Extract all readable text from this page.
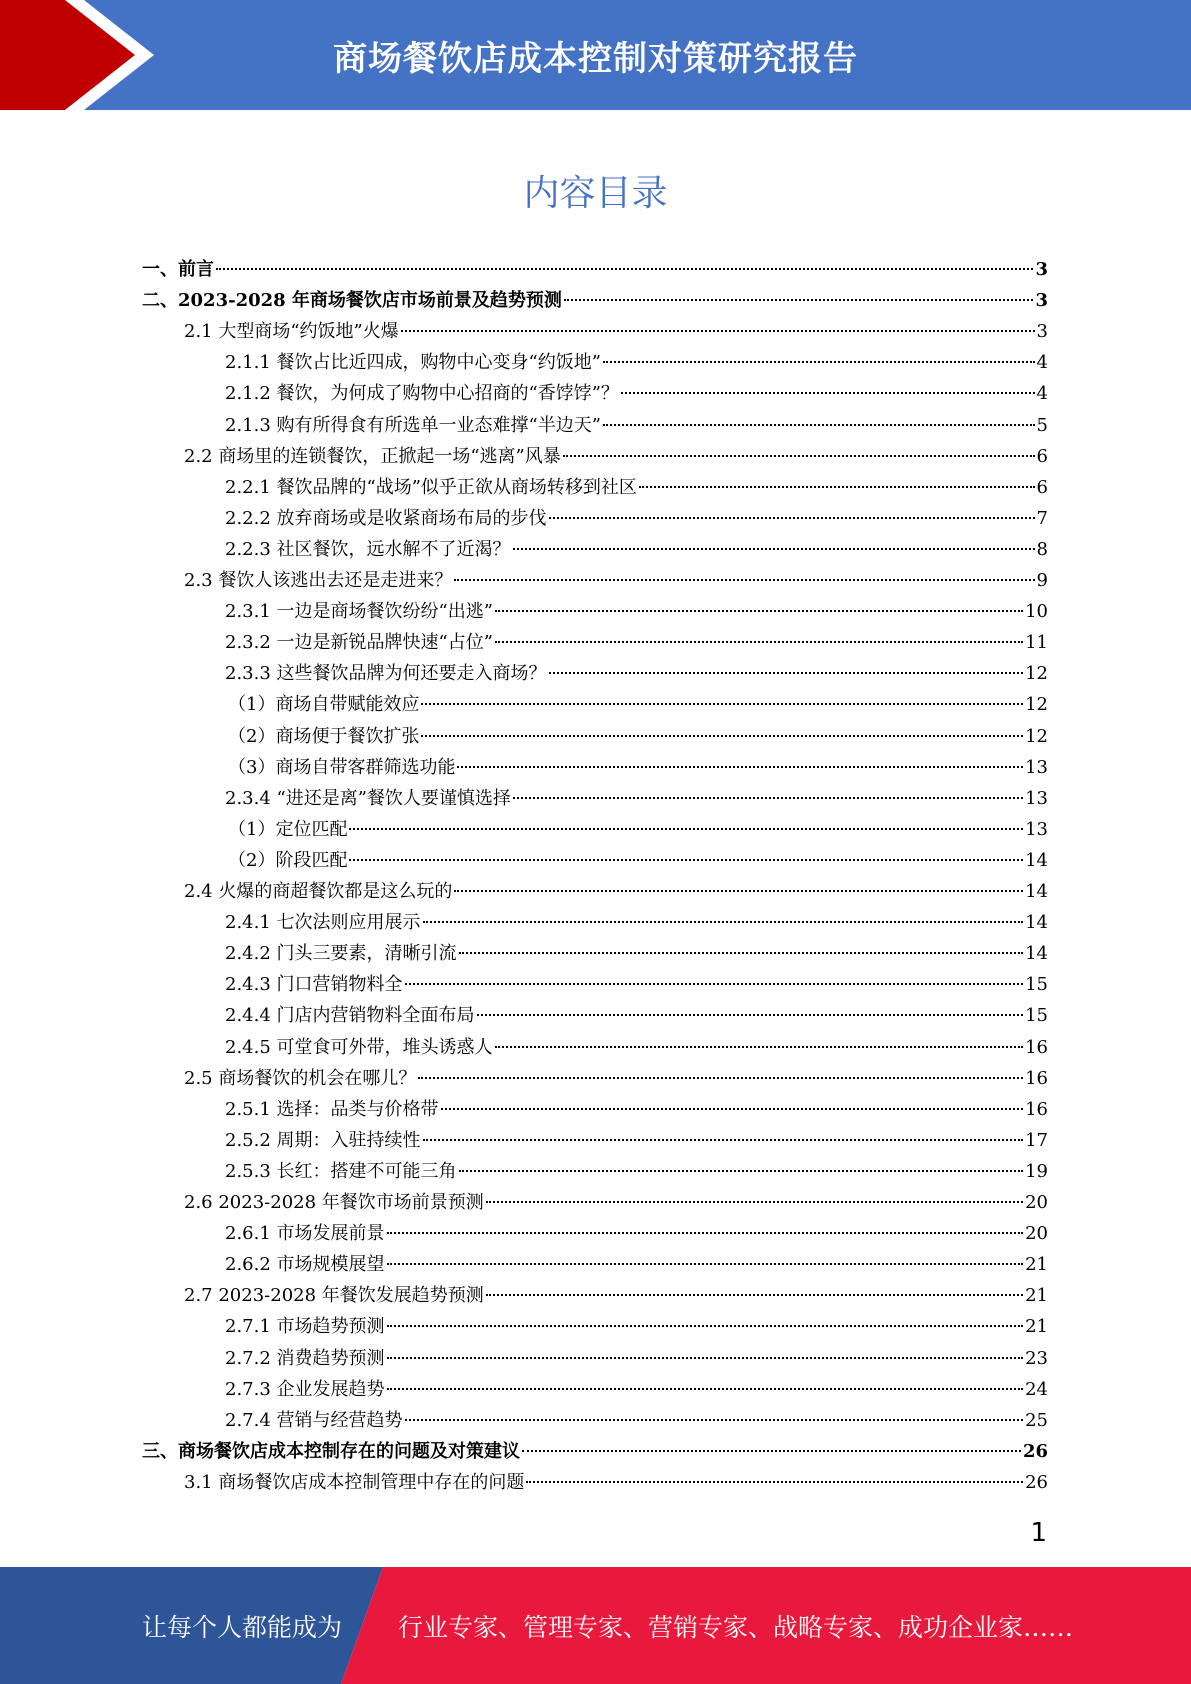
商场餐饮店成本控制对策研究报告
内容目录
一、前言	3
二、2023-2028 年商场餐饮店市场前景及趋势预测	3
2.1 大型商场“约饭地”火爆	3
2.1.1 餐饮占比近四成，购物中心变身“约饭地”	4
2.1.2 餐饮，为何成了购物中心招商的“香饽饽”？	4
2.1.3 购有所得食有所选单一业态难撑“半边天”	5
2.2 商场里的连锁餐饮，正掀起一场“逃离”风暴	6
2.2.1 餐饮品牌的“战场”似乎正欲从商场转移到社区	6
2.2.2 放弃商场或是收紧商场布局的步伐	7
2.2.3 社区餐饮，远水解不了近渴？	8
2.3 餐饮人该逃出去还是走进来？	9
2.3.1 一边是商场餐饮纷纷“出逃”	10
2.3.2 一边是新锐品牌快速“占位”	11
2.3.3 这些餐饮品牌为何还要走入商场？	12
（1）商场自带赋能效应	12
（2）商场便于餐饮扩张	12
（3）商场自带客群筛选功能	13
2.3.4 “进还是离”餐饮人要谨慎选择	13
（1）定位匹配	13
（2）阶段匹配	14
2.4 火爆的商超餐饮都是这么玩的	14
2.4.1 七次法则应用展示	14
2.4.2 门头三要素，清晰引流	14
2.4.3 门口营销物料全	15
2.4.4 门店内营销物料全面布局	15
2.4.5 可堂食可外带，堆头诱惑人	16
2.5 商场餐饮的机会在哪儿？	16
2.5.1 选择：品类与价格带	16
2.5.2 周期：入驻持续性	17
2.5.3 长红：搭建不可能三角	19
2.6 2023-2028 年餐饮市场前景预测	20
2.6.1 市场发展前景	20
2.6.2 市场规模展望	21
2.7 2023-2028 年餐饮发展趋势预测	21
2.7.1 市场趋势预测	21
2.7.2 消费趋势预测	23
2.7.3 企业发展趋势	24
2.7.4 营销与经营趋势	25
三、商场餐饮店成本控制存在的问题及对策建议	26
3.1 商场餐饮店成本控制管理中存在的问题	26
1
让每个人都能成为 行业专家、管理专家、营销专家、战略专家、成功企业家……
